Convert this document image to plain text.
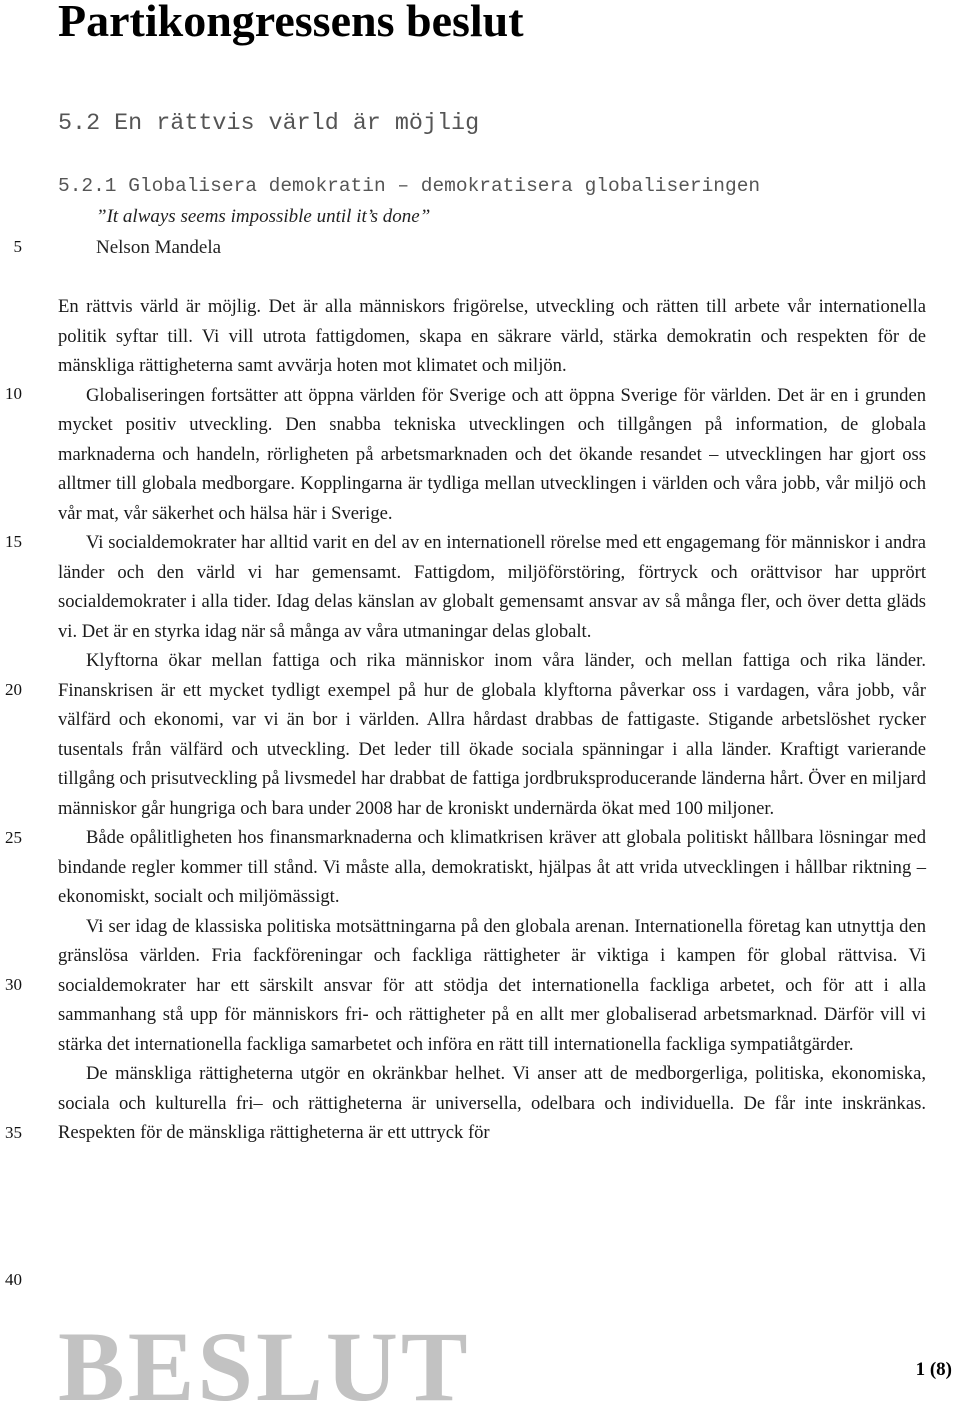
Partikongressens beslut
5.2 En rättvis värld är möjlig
5.2.1 Globalisera demokratin – demokratisera globaliseringen
”It always seems impossible until it’s done”
Nelson Mandela
5
10
15
20
25
30
35
40

En rättvis värld är möjlig. Det är alla människors frigörelse, utveckling och rätten till arbete vår internationella politik syftar till. Vi vill utrota fattigdomen, skapa en säkrare värld, stärka demokratin och respekten för de mänskliga rättigheterna samt avvärja hoten mot klimatet och miljön.

Globaliseringen fortsätter att öppna världen för Sverige och att öppna Sverige för världen. Det är en i grunden mycket positiv utveckling. Den snabba tekniska utvecklingen och tillgången på information, de globala marknaderna och handeln, rörligheten på arbetsmarknaden och det ökande resandet – utvecklingen har gjort oss alltmer till globala medborgare. Kopplingarna är tydliga mellan utvecklingen i världen och våra jobb, vår miljö och vår mat, vår säkerhet och hälsa här i Sverige.

Vi socialdemokrater har alltid varit en del av en internationell rörelse med ett engagemang för människor i andra länder och den värld vi har gemensamt. Fattigdom, miljöförstöring, förtryck och orättvisor har upprört socialdemokrater i alla tider. Idag delas känslan av globalt gemensamt ansvar av så många fler, och över detta gläds vi. Det är en styrka idag när så många av våra utmaningar delas globalt.

Klyftorna ökar mellan fattiga och rika människor inom våra länder, och mellan fattiga och rika länder. Finanskrisen är ett mycket tydligt exempel på hur de globala klyftorna påverkar oss i vardagen, våra jobb, vår välfärd och ekonomi, var vi än bor i världen. Allra hårdast drabbas de fattigaste. Stigande arbetslöshet rycker tusentals från välfärd och utveckling. Det leder till ökade sociala spänningar i alla länder. Kraftigt varierande tillgång och prisutveckling på livsmedel har drabbat de fattiga jordbruksproducerande länderna hårt. Över en miljard människor går hungriga och bara under 2008 har de kroniskt undernärda ökat med 100 miljoner.

Både opålitligheten hos finansmarknaderna och klimatkrisen kräver att globala politiskt hållbara lösningar med bindande regler kommer till stånd. Vi måste alla, demokratiskt, hjälpas åt att vrida utvecklingen i hållbar riktning – ekonomiskt, socialt och miljömässigt.

Vi ser idag de klassiska politiska motsättningarna på den globala arenan. Internationella företag kan utnyttja den gränslösa världen. Fria fackföreningar och fackliga rättigheter är viktiga i kampen för global rättvisa. Vi socialdemokrater har ett särskilt ansvar för att stödja det internationella fackliga arbetet, och för att i alla sammanhang stå upp för människors fri- och rättigheter på en allt mer globaliserad arbetsmarknad. Därför vill vi stärka det internationella fackliga samarbetet och införa en rätt till internationella fackliga sympatiåtgärder.

De mänskliga rättigheterna utgör en okränkbar helhet. Vi anser att de medborgerliga, politiska, ekonomiska, sociala och kulturella fri– och rättigheterna är universella, odelbara och individuella. De får inte inskränkas. Respekten för de mänskliga rättigheterna är ett uttryck för

BESLUT	1 (8)
